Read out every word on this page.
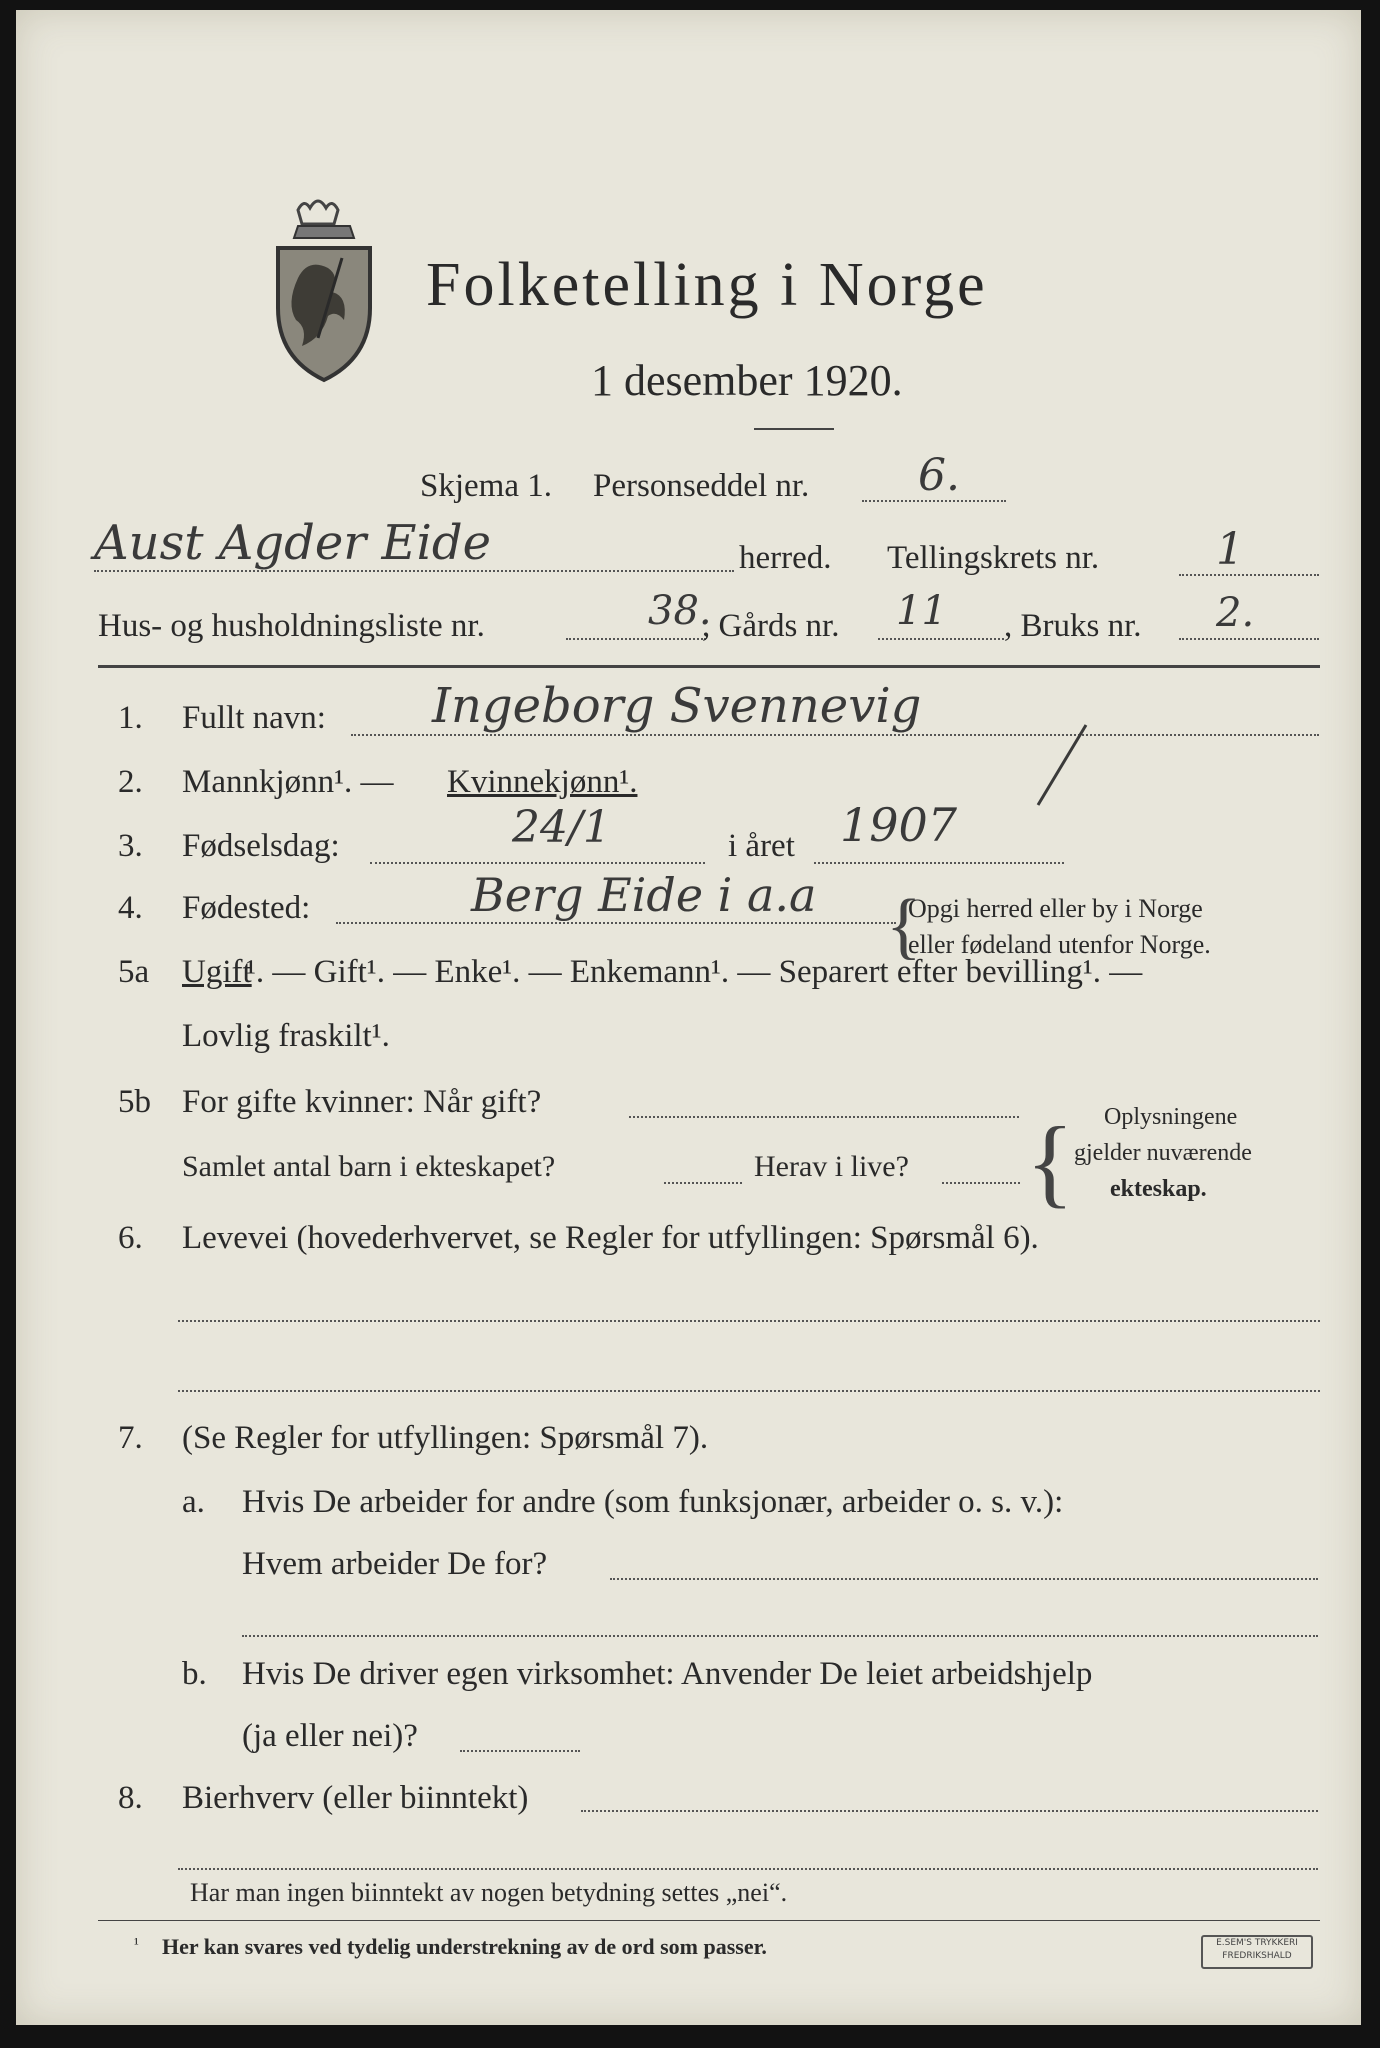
Folketelling i Norge
1 desember 1920.
Skjema 1. Personseddel nr. 6.
Aust Agder Eide	herred. Tellingskrets nr.	1
Hus- og husholdningsliste nr.	38.
, Gårds nr. 11 , Bruks nr. 2.
1. Fullt navn: Ingeborg Svennevig
2. Mannkjønn¹. — Kvinnekjønn¹.
3. Fødselsdag:	24/1	i året 1907
4. Fødested:	Berg Eide i a.a	Opgi herred eller by i Norge
eller fødeland utenfor Norge.
{
5a Ugift
¹. — Gift¹. — Enke¹. — Enkemann¹. — Separert efter bevilling¹. —
Lovlig fraskilt¹.
5b For gifte kvinner: Når gift?
Samlet antal barn i ekteskapet?	Herav i live? { Oplysningene
gjelder nuværende
ekteskap.
6. Levevei (hovederhvervet, se Regler for utfyllingen: Spørsmål 6).
7. (Se Regler for utfyllingen: Spørsmål 7).
a. Hvis De arbeider for andre (som funksjonær, arbeider o. s. v.):
Hvem arbeider De for?
b. Hvis De driver egen virksomhet: Anvender De leiet arbeidshjelp
(ja eller nei)?
8. Bierhverv (eller biinntekt)
Har man ingen biinntekt av nogen betydning settes „nei“.
¹ Her kan svares ved tydelig understrekning av de ord som passer.	E.SEM'S TRYKKERI FREDRIKSHALD
